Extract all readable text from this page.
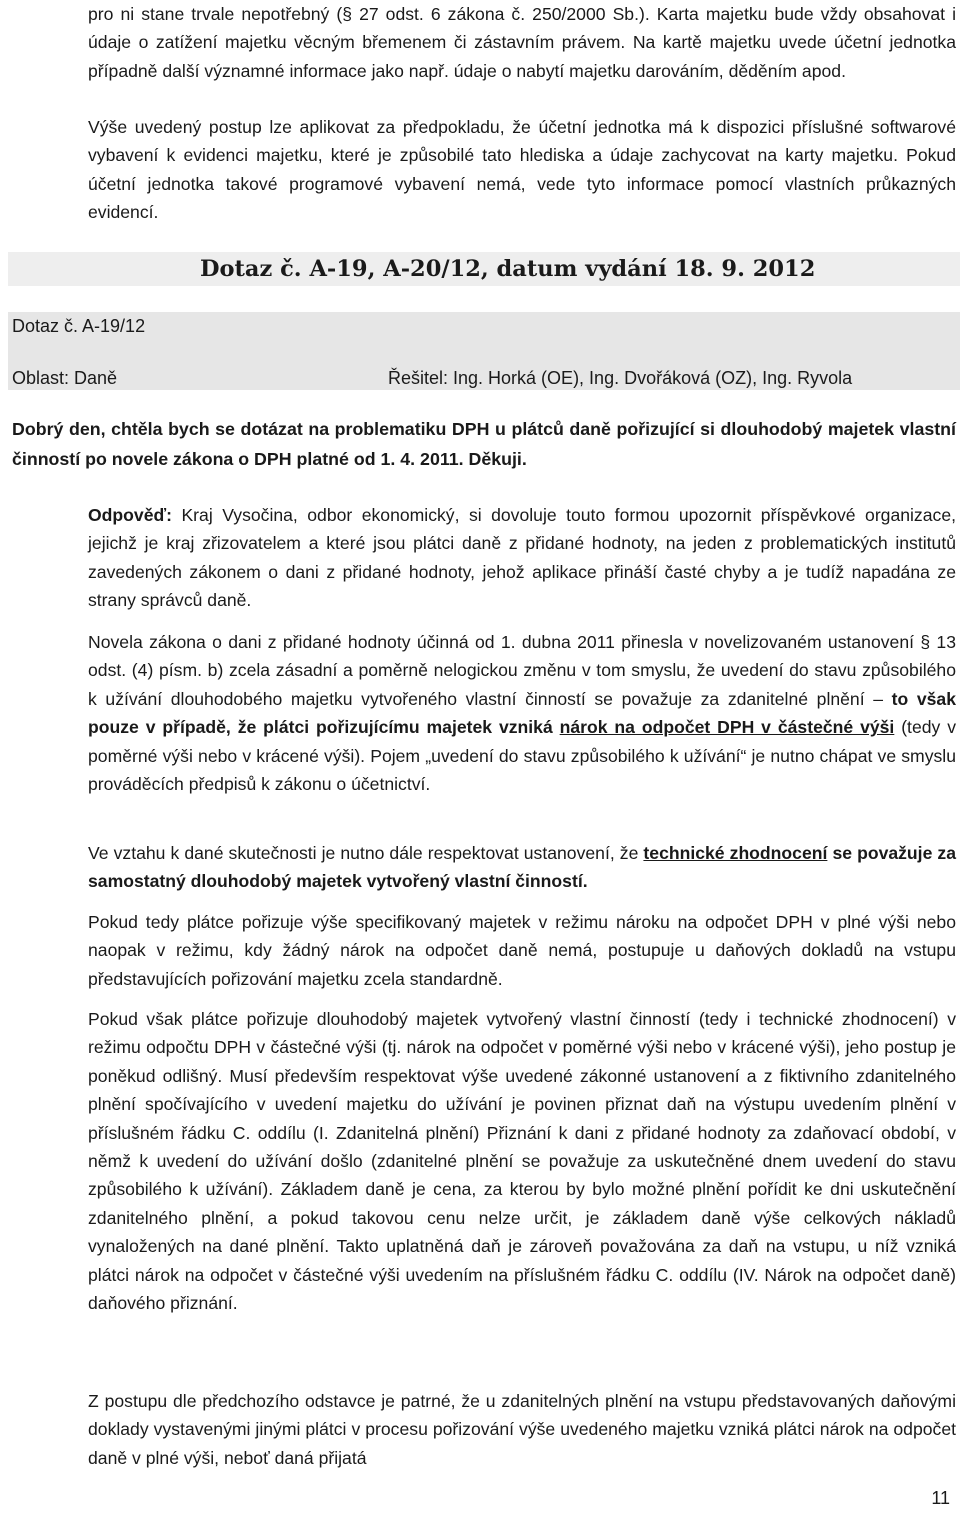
pro ni stane trvale nepotřebný (§ 27 odst. 6 zákona č. 250/2000 Sb.). Karta majetku bude vždy obsahovat i údaje o zatížení majetku věcným břemenem či zástavním právem. Na kartě majetku uvede účetní jednotka případně další významné informace jako např. údaje o nabytí majetku darováním, děděním apod.

Výše uvedený postup lze aplikovat za předpokladu, že účetní jednotka má k dispozici příslušné softwarové vybavení k evidenci majetku, které je způsobilé tato hlediska a údaje zachycovat na karty majetku. Pokud účetní jednotka takové programové vybavení nemá, vede tyto informace pomocí vlastních průkazných evidencí.

Dotaz č. A-19, A-20/12, datum vydání 18. 9. 2012
Dotaz č. A-19/12
Oblast: Daně	Řešitel: Ing. Horká (OE), Ing. Dvořáková (OZ), Ing. Ryvola

Dobrý den, chtěla bych se dotázat na problematiku DPH u plátců daně pořizující si dlouhodobý majetek vlastní činností po novele zákona o DPH platné od 1. 4. 2011. Děkuji.

Odpověď: Kraj Vysočina, odbor ekonomický, si dovoluje touto formou upozornit příspěvkové organizace, jejichž je kraj zřizovatelem a které jsou plátci daně z přidané hodnoty, na jeden z problematických institutů zavedených zákonem o dani z přidané hodnoty, jehož aplikace přináší časté chyby a je tudíž napadána ze strany správců daně.

Novela zákona o dani z přidané hodnoty účinná od 1. dubna 2011 přinesla v novelizovaném ustanovení § 13 odst. (4) písm. b) zcela zásadní a poměrně nelogickou změnu v tom smyslu, že uvedení do stavu způsobilého k užívání dlouhodobého majetku vytvořeného vlastní činností se považuje za zdanitelné plnění – to však pouze v případě, že plátci pořizujícímu majetek vzniká nárok na odpočet DPH v částečné výši (tedy v poměrné výši nebo v krácené výši). Pojem „uvedení do stavu způsobilého k užívání“ je nutno chápat ve smyslu prováděcích předpisů k zákonu o účetnictví.

Ve vztahu k dané skutečnosti je nutno dále respektovat ustanovení, že technické zhodnocení se považuje za samostatný dlouhodobý majetek vytvořený vlastní činností.

Pokud tedy plátce pořizuje výše specifikovaný majetek v režimu nároku na odpočet DPH v plné výši nebo naopak v režimu, kdy žádný nárok na odpočet daně nemá, postupuje u daňových dokladů na vstupu představujících pořizování majetku zcela standardně.

Pokud však plátce pořizuje dlouhodobý majetek vytvořený vlastní činností (tedy i technické zhodnocení) v režimu odpočtu DPH v částečné výši (tj. nárok na odpočet v poměrné výši nebo v krácené výši), jeho postup je poněkud odlišný. Musí především respektovat výše uvedené zákonné ustanovení a z fiktivního zdanitelného plnění spočívajícího v uvedení majetku do užívání je povinen přiznat daň na výstupu uvedením plnění v příslušném řádku C. oddílu (I. Zdanitelná plnění) Přiznání k dani z přidané hodnoty za zdaňovací období, v němž k uvedení do užívání došlo (zdanitelné plnění se považuje za uskutečněné dnem uvedení do stavu způsobilého k užívání). Základem daně je cena, za kterou by bylo možné plnění pořídit ke dni uskutečnění zdanitelného plnění, a pokud takovou cenu nelze určit, je základem daně výše celkových nákladů vynaložených na dané plnění. Takto uplatněná daň je zároveň považována za daň na vstupu, u níž vzniká plátci nárok na odpočet v částečné výši uvedením na příslušném řádku C. oddílu (IV. Nárok na odpočet daně) daňového přiznání.

Z postupu dle předchozího odstavce je patrné, že u zdanitelných plnění na vstupu představovaných daňovými doklady vystavenými jinými plátci v procesu pořizování výše uvedeného majetku vzniká plátci nárok na odpočet daně v plné výši, neboť daná přijatá

11
